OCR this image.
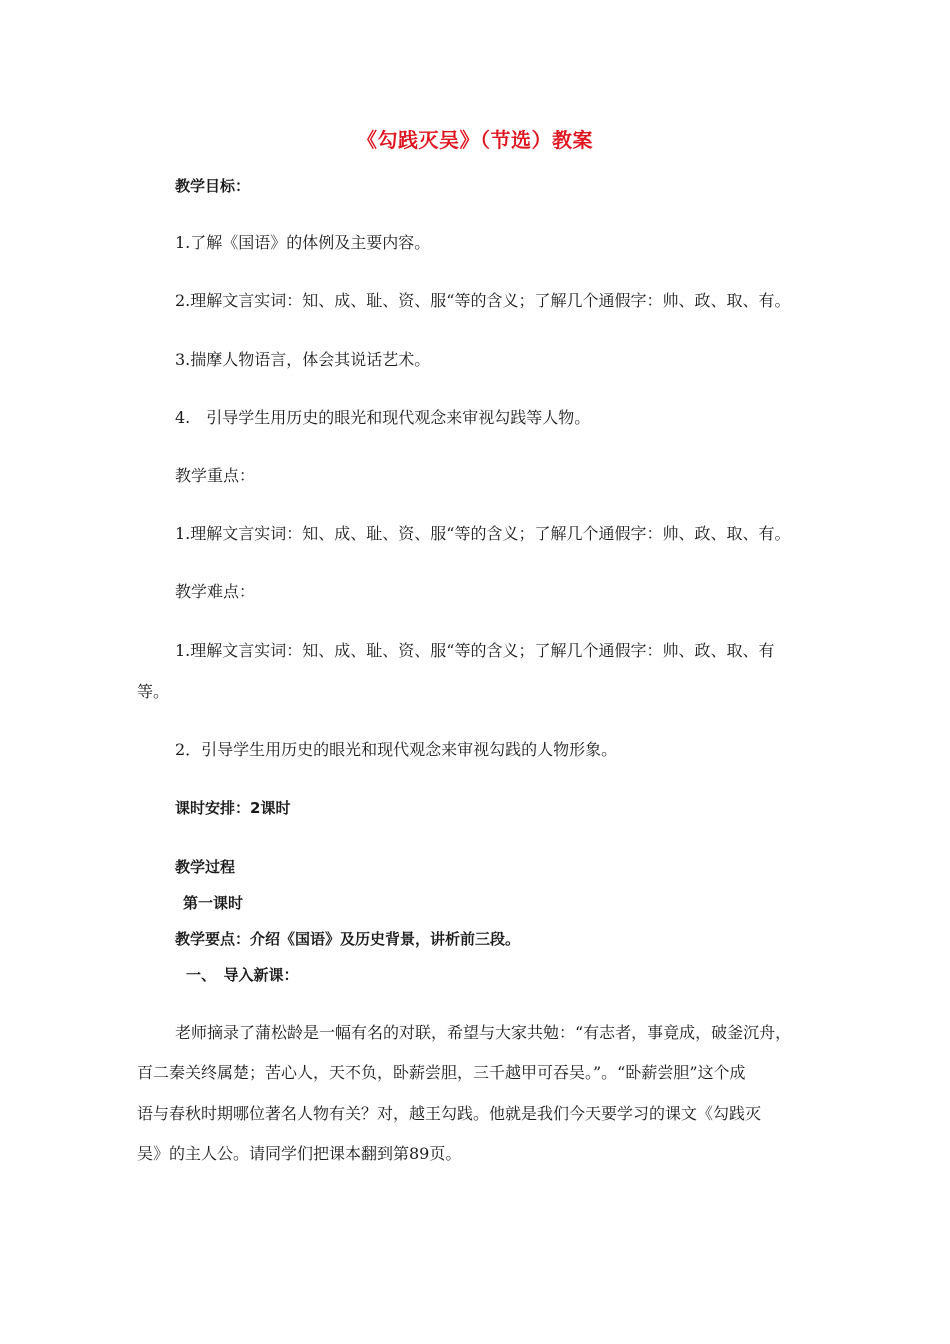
《勾践灭吴》（节选）教案
教学目标：
1.了解《国语》的体例及主要内容。
2.理解文言实词：知、成、耻、资、服“等的含义；了解几个通假字：帅、政、取、有。
3.揣摩人物语言，体会其说话艺术。
4.　引导学生用历史的眼光和现代观念来审视勾践等人物。
教学重点：
1.理解文言实词：知、成、耻、资、服“等的含义；了解几个通假字：帅、政、取、有。
教学难点：
1.理解文言实词：知、成、耻、资、服“等的含义；了解几个通假字：帅、政、取、有
等。
2．引导学生用历史的眼光和现代观念来审视勾践的人物形象。
课时安排：2课时
教学过程
第一课时
教学要点：介绍《国语》及历史背景，讲析前三段。
一、　导入新课：
老师摘录了蒲松龄是一幅有名的对联，希望与大家共勉：“有志者，事竟成，破釜沉舟，
百二秦关终属楚；苦心人，天不负，卧薪尝胆，三千越甲可吞吴。”。“卧薪尝胆”这个成
语与春秋时期哪位著名人物有关？对，越王勾践。他就是我们今天要学习的课文《勾践灭
吴》的主人公。请同学们把课本翻到第89页。
